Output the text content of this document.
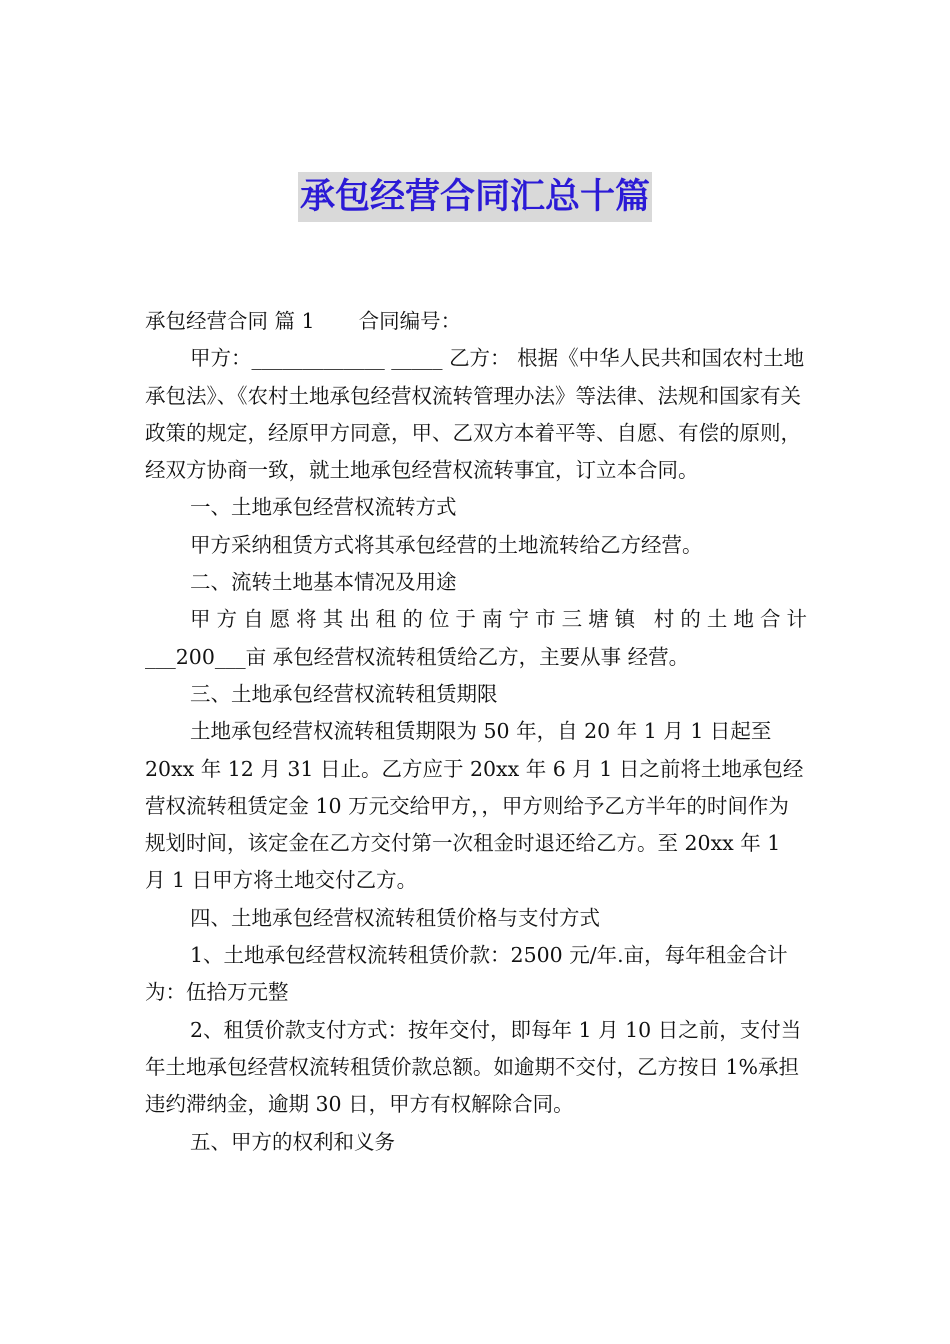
承包经营合同汇总十篇

承包经营合同 篇 1 合同编号：

甲方：_____________ _____ 乙方： 根据《中华人民共和国农村土地承包法》、《农村土地承包经营权流转管理办法》等法律、法规和国家有关政策的规定，经原甲方同意，甲、乙双方本着平等、自愿、有偿的原则，经双方协商一致，就土地承包经营权流转事宜，订立本合同。

一、土地承包经营权流转方式

甲方采纳租赁方式将其承包经营的土地流转给乙方经营。

二、流转土地基本情况及用途

甲方自愿将其出租的位于南宁市三塘镇 村的土地合计

___200___亩 承包经营权流转租赁给乙方，主要从事 经营。

三、土地承包经营权流转租赁期限

土地承包经营权流转租赁期限为 50 年，自 20 年 1 月 1 日起至 20xx 年 12 月 31 日止。乙方应于 20xx 年 6 月 1 日之前将土地承包经营权流转租赁定金 10 万元交给甲方，，甲方则给予乙方半年的时间作为规划时间，该定金在乙方交付第一次租金时退还给乙方。至 20xx 年 1 月 1 日甲方将土地交付乙方。

四、土地承包经营权流转租赁价格与支付方式

1、土地承包经营权流转租赁价款：2500 元/年.亩，每年租金合计为：伍拾万元整

2、租赁价款支付方式：按年交付，即每年 1 月 10 日之前，支付当年土地承包经营权流转租赁价款总额。如逾期不交付，乙方按日 1%承担违约滞纳金，逾期 30 日，甲方有权解除合同。

五、甲方的权利和义务
